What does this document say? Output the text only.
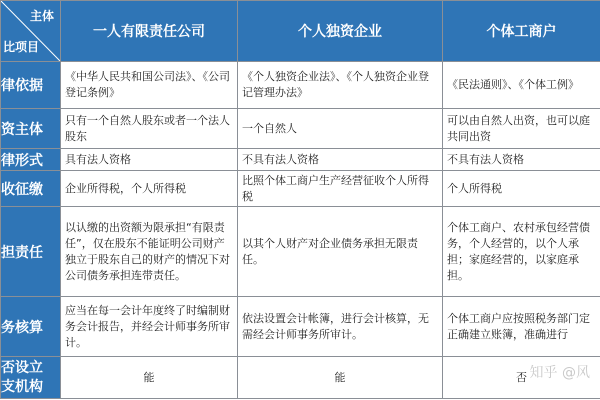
主体
比项目	一人有限责任公司	个人独资企业	个体工商户
律依据	《中华人民共和国公司法》、《公司登记条例》	《个人独资企业法》、《个人独资企业登记管理办法》	《民法通则》、《个体工例》
资主体	只有一个自然人股东或者一个法人股东	一个自然人	可以由自然人出资，也可以庭共同出资
律形式	具有法人资格	不具有法人资格	不具有法人资格
收征缴	企业所得税，个人所得税	比照个体工商户生产经营征收个人所得税	个人所得税
担责任	以认缴的出资额为限承担“有限责任”，仅在股东不能证明公司财产独立于股东自己的财产的情况下对公司债务承担连带责任。	以其个人财产对企业债务承担无限责任。	个体工商户、农村承包经营债务，个人经营的，以个人承担；家庭经营的，以家庭承担。
务核算	应当在每一会计年度终了时编制财务会计报告，并经会计师事务所审计。	依法设置会计帐簿，进行会计核算，无需经会计师事务所审计。	个体工商户应按照税务部门定正确建立账簿，准确进行
否设立
支机构	能	能	否 知乎 @风
